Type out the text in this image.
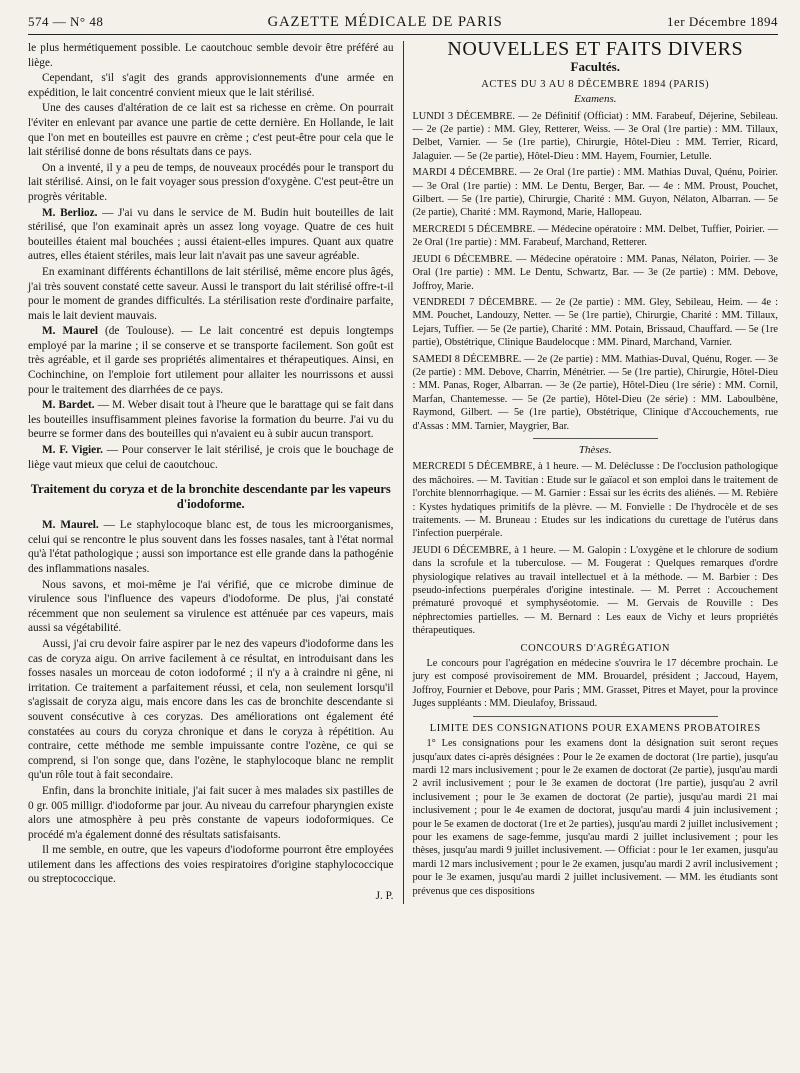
574 — N° 48	GAZETTE MÉDICALE DE PARIS	1er Décembre 1894

le plus hermétiquement possible. Le caoutchouc semble devoir être préféré au liège.

Cependant, s'il s'agit des grands approvisionnements d'une armée en expédition, le lait concentré convient mieux que le lait stérilisé.

Une des causes d'altération de ce lait est sa richesse en crème. On pourrait l'éviter en enlevant par avance une partie de cette dernière. En Hollande, le lait que l'on met en bouteilles est pauvre en crème ; c'est peut-être pour cela que le lait stérilisé donne de bons résultats dans ce pays.

On a inventé, il y a peu de temps, de nouveaux procédés pour le transport du lait stérilisé. Ainsi, on le fait voyager sous pression d'oxygène. C'est peut-être un progrès véritable.

M. Berlioz. — J'ai vu dans le service de M. Budin huit bouteilles de lait stérilisé, que l'on examinait après un assez long voyage. Quatre de ces huit bouteilles étaient mal bouchées ; aussi étaient-elles impures. Quant aux quatre autres, elles étaient stériles, mais leur lait n'avait pas une saveur agréable.

En examinant différents échantillons de lait stérilisé, même encore plus âgés, j'ai très souvent constaté cette saveur. Aussi le transport du lait stérilisé offre-t-il pour le moment de grandes difficultés. La stérilisation reste d'ordinaire parfaite, mais le lait devient mauvais.

M. Maurel (de Toulouse). — Le lait concentré est depuis longtemps employé par la marine ; il se conserve et se transporte facilement. Son goût est très agréable, et il garde ses propriétés alimentaires et thérapeutiques. Ainsi, en Cochinchine, on l'emploie fort utilement pour allaiter les nourrissons et aussi pour le traitement des diarrhées de ce pays.

M. Bardet. — M. Weber disait tout à l'heure que le barattage qui se fait dans les bouteilles insuffisamment pleines favorise la formation du beurre. J'ai vu du beurre se former dans des bouteilles qui n'avaient eu à subir aucun transport.

M. F. Vigier. — Pour conserver le lait stérilisé, je crois que le bouchage de liège vaut mieux que celui de caoutchouc.

Traitement du coryza et de la bronchite descendante par les vapeurs d'iodoforme.

M. Maurel. — Le staphylocoque blanc est, de tous les microorganismes, celui qui se rencontre le plus souvent dans les fosses nasales, tant à l'état normal qu'à l'état pathologique ; aussi son importance est elle grande dans la pathogénie des inflammations nasales.

Nous savons, et moi-même je l'ai vérifié, que ce microbe diminue de virulence sous l'influence des vapeurs d'iodoforme. De plus, j'ai constaté récemment que non seulement sa virulence est atténuée par ces vapeurs, mais aussi sa végétabilité.

Aussi, j'ai cru devoir faire aspirer par le nez des vapeurs d'iodoforme dans les cas de coryza aigu. On arrive facilement à ce résultat, en introduisant dans les fosses nasales un morceau de coton iodoformé ; il n'y a à craindre ni gêne, ni irritation. Ce traitement a parfaitement réussi, et cela, non seulement lorsqu'il s'agissait de coryza aigu, mais encore dans les cas de bronchite descendante si souvent consécutive à ces coryzas. Des améliorations ont également été constatées au cours du coryza chronique et dans le coryza à répétition. Au contraire, cette méthode me semble impuissante contre l'ozène, ce qui se comprend, si l'on songe que, dans l'ozène, le staphylocoque blanc ne remplit qu'un rôle tout à fait secondaire.

Enfin, dans la bronchite initiale, j'ai fait sucer à mes malades six pastilles de 0 gr. 005 milligr. d'iodoforme par jour. Au niveau du carrefour pharyngien existe alors une atmosphère à peu près constante de vapeurs iodoformiques. Ce procédé m'a également donné des résultats satisfaisants.

Il me semble, en outre, que les vapeurs d'iodoforme pourront être employées utilement dans les affections des voies respiratoires d'origine staphylococcique ou streptococcique.

J. P.
NOUVELLES ET FAITS DIVERS
Facultés.
ACTES DU 3 AU 8 DÉCEMBRE 1894 (PARIS)
Examens.

LUNDI 3 DÉCEMBRE. — 2e Définitif (Officiat) : MM. Farabeuf, Déjerine, Sebileau. — 2e (2e partie) : MM. Gley, Retterer, Weiss. — 3e Oral (1re partie) : MM. Tillaux, Delbet, Varnier. — 5e (1re partie), Chirurgie, Hôtel-Dieu : MM. Terrier, Ricard, Jalaguier. — 5e (2e partie), Hôtel-Dieu : MM. Hayem, Fournier, Letulle.

MARDI 4 DÉCEMBRE. — 2e Oral (1re partie) : MM. Mathias Duval, Quénu, Poirier. — 3e Oral (1re partie) : MM. Le Dentu, Berger, Bar. — 4e : MM. Proust, Pouchet, Gilbert. — 5e (1re partie), Chirurgie, Charité : MM. Guyon, Nélaton, Albarran. — 5e (2e partie), Charité : MM. Raymond, Marie, Hallopeau.

MERCREDI 5 DÉCEMBRE. — Médecine opératoire : MM. Delbet, Tuffier, Poirier. — 2e Oral (1re partie) : MM. Farabeuf, Marchand, Retterer.

JEUDI 6 DÉCEMBRE. — Médecine opératoire : MM. Panas, Nélaton, Poirier. — 3e Oral (1re partie) : MM. Le Dentu, Schwartz, Bar. — 3e (2e partie) : MM. Debove, Joffroy, Marie.

VENDREDI 7 DÉCEMBRE. — 2e (2e partie) : MM. Gley, Sebileau, Heim. — 4e : MM. Pouchet, Landouzy, Netter. — 5e (1re partie), Chirurgie, Charité : MM. Tillaux, Lejars, Tuffier. — 5e (2e partie), Charité : MM. Potain, Brissaud, Chauffard. — 5e (1re partie), Obstétrique, Clinique Baudelocque : MM. Pinard, Marchand, Varnier.

SAMEDI 8 DÉCEMBRE. — 2e (2e partie) : MM. Mathias-Duval, Quénu, Roger. — 3e (2e partie) : MM. Debove, Charrin, Ménétrier. — 5e (1re partie), Chirurgie, Hôtel-Dieu : MM. Panas, Roger, Albarran. — 3e (2e partie), Hôtel-Dieu (1re série) : MM. Cornil, Marfan, Chantemesse. — 5e (2e partie), Hôtel-Dieu (2e série) : MM. Laboulbène, Raymond, Gilbert. — 5e (1re partie), Obstétrique, Clinique d'Accouchements, rue d'Assas : MM. Tarnier, Maygrier, Bar.

Thèses.

MERCREDI 5 DÉCEMBRE, à 1 heure. — M. Deléclusse : De l'occlusion pathologique des mâchoires. — M. Tavitian : Etude sur le gaïacol et son emploi dans le traitement de l'orchite blennorrhagique. — M. Garnier : Essai sur les écrits des aliénés. — M. Rebière : Kystes hydatiques primitifs de la plèvre. — M. Fonvielle : De l'hydrocèle et de ses traitements. — M. Bruneau : Etudes sur les indications du curettage de l'utérus dans l'infection puerpérale.

JEUDI 6 DÉCEMBRE, à 1 heure. — M. Galopin : L'oxygène et le chlorure de sodium dans la scrofule et la tuberculose. — M. Fougerat : Quelques remarques d'ordre physiologique relatives au travail intellectuel et à la méthode. — M. Barbier : Des pseudo-infections puerpérales d'origine intestinale. — M. Perret : Accouchement prématuré provoqué et symphyséotomie. — M. Gervais de Rouville : Des néphrectomies partielles. — M. Bernard : Les eaux de Vichy et leurs propriétés thérapeutiques.

CONCOURS D'AGRÉGATION

Le concours pour l'agrégation en médecine s'ouvrira le 17 décembre prochain. Le jury est composé provisoirement de MM. Brouardel, président ; Jaccoud, Hayem, Joffroy, Fournier et Debove, pour Paris ; MM. Grasset, Pitres et Mayet, pour la province Juges suppléants : MM. Dieulafoy, Brissaud.

LIMITE DES CONSIGNATIONS POUR EXAMENS PROBATOIRES

1° Les consignations pour les examens dont la désignation suit seront reçues jusqu'aux dates ci-après désignées : Pour le 2e examen de doctorat (1re partie), jusqu'au mardi 12 mars inclusivement ; pour le 2e examen de doctorat (2e partie), jusqu'au mardi 2 avril inclusivement ; pour le 3e examen de doctorat (1re partie), jusqu'au 2 avril inclusivement ; pour le 3e examen de doctorat (2e partie), jusqu'au mardi 21 mai inclusivement ; pour le 4e examen de doctorat, jusqu'au mardi 4 juin inclusivement ; pour le 5e examen de doctorat (1re et 2e parties), jusqu'au mardi 2 juillet inclusivement ; pour les examens de sage-femme, jusqu'au mardi 2 juillet inclusivement ; pour les thèses, jusqu'au mardi 9 juillet inclusivement. — Officiat : pour le 1er examen, jusqu'au mardi 12 mars inclusivement ; pour le 2e examen, jusqu'au mardi 2 avril inclusivement ; pour le 3e examen, jusqu'au mardi 2 juillet inclusivement. — MM. les étudiants sont prévenus que ces dispositions
